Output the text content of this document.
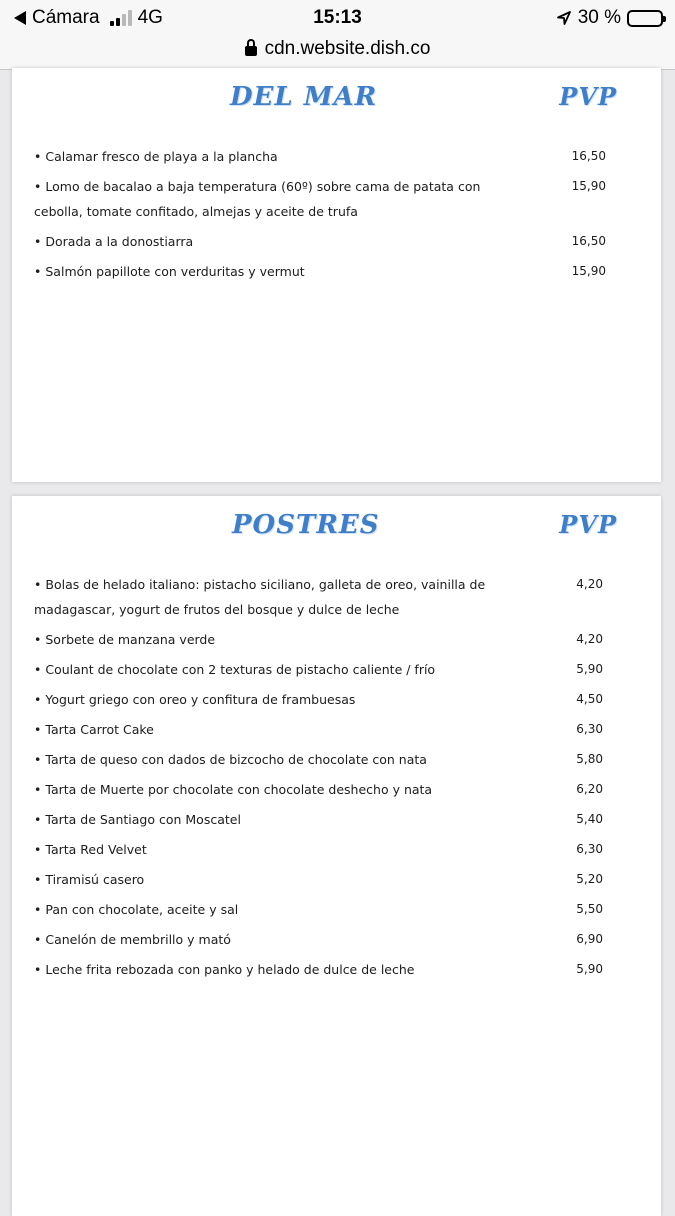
Cámara 4G	15:13	30 %
cdn.website.dish.co
DEL MAR	PVP
• Calamar fresco de playa a la plancha	16,50
• Lomo de bacalao a baja temperatura (60º) sobre cama de patata con cebolla, tomate confitado, almejas y aceite de trufa
15,90
• Dorada a la donostiarra	16,50
• Salmón papillote con verduritas y vermut	15,90
POSTRES	PVP
• Bolas de helado italiano: pistacho siciliano, galleta de oreo, vainilla de madagascar, yogurt de frutos del bosque y dulce de leche
4,20
• Sorbete de manzana verde	4,20
• Coulant de chocolate con 2 texturas de pistacho caliente / frío	5,90
• Yogurt griego con oreo y confitura de frambuesas	4,50
• Tarta Carrot Cake	6,30
• Tarta de queso con dados de bizcocho de chocolate con nata	5,80
• Tarta de Muerte por chocolate con chocolate deshecho y nata	6,20
• Tarta de Santiago con Moscatel	5,40
• Tarta Red Velvet	6,30
• Tiramisú casero	5,20
• Pan con chocolate, aceite y sal	5,50
• Canelón de membrillo y mató	6,90
• Leche frita rebozada con panko y helado de dulce de leche	5,90
